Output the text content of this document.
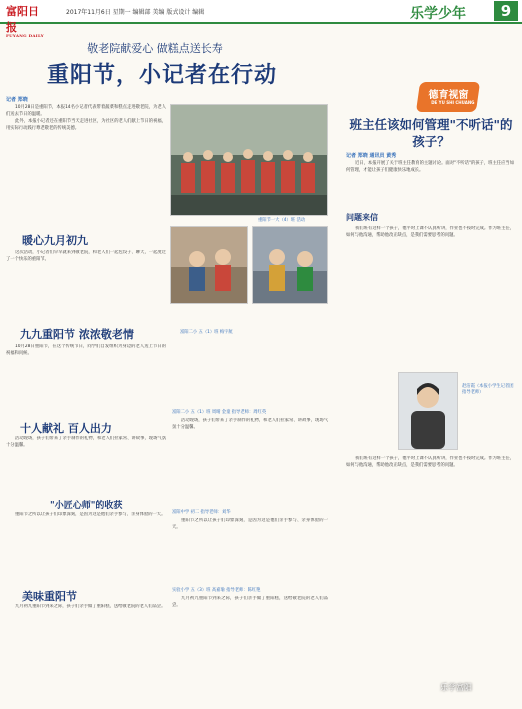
富阳日报
FUYANG DAILY
2017年11月6日 星期一 编辑部 美编 版式设计 编辑	乐学少年	9
敬老院献爱心 做糕点送长寿
重阳节，小记者在行动
记者 郑晓

10月28日是重阳节，本报14名小记者代表带着蔬菜和糕点走进敬老院，为老人们送去节日的温暖。

此外，本报小记者还在重阳节当天走进社区，为社区的老人们献上节日的祝福，用实际行动践行尊老敬老的传统美德。

重阳节一大（4）班 活动
暖心九月初九

这次活动，小记者们早早就来到敬老院，和老人们一起包饺子、聊天，一起度过了一个快乐的重阳节。

九九重阳节 浓浓敬老情

10月28日重阳节，在这个传统节日，同学们自发组织为身边的老人送上节日的祝福和问候。

富阳二小 五（1）班 梅宇航
十人献礼 百人出力

活动现场，孩子们带来了亲手制作的礼物，和老人们拉家常、讲故事，现场气氛十分温馨。

"小匠心师"的收获

重阳节之所以让孩子们印象深刻，是因为这是他们亲手参与、亲身体验的一天。

美味重阳节

九月初九重阳节到来之际，孩子们亲手做了重阳糕，送给敬老院的老人们品尝。

富阳二小 五（1）班 周晴 金童 指导老师：周红英

活动现场，孩子们带来了亲手制作的礼物，和老人们拉家常、讲故事，现场气氛十分温馨。

富阳中学 初二 指导老师：刘华

重阳节之所以让孩子们印象深刻，是因为这是他们亲手参与、亲身体验的一天。

实验小学 五（3）班 高嘉瑜 指导老师：陈红艳

九月初九重阳节到来之际，孩子们亲手做了重阳糕，送给敬老院的老人们品尝。

德育视窗
DE YU SHI CHUANG
班主任该如何管理"不听话"的孩子？
记者 郑晓 通讯员 黄秀

近日，本报开展了关于班主任教育的主题讨论。面对"不听话"的孩子，班主任应当如何管理，才能让孩子们健康快乐地成长。

问题来信

我们班有这样一个孩子，他平时上课不认真听讲，作业也不按时完成。作为班主任，如何与他沟通，帮助他改正缺点，是我们需要思考的问题。

赵洁霞（本报小学生记者团 指导老师）

我们班有这样一个孩子，他平时上课不认真听讲，作业也不按时完成。作为班主任，如何与他沟通，帮助他改正缺点，是我们需要思考的问题。

乐学富阳
